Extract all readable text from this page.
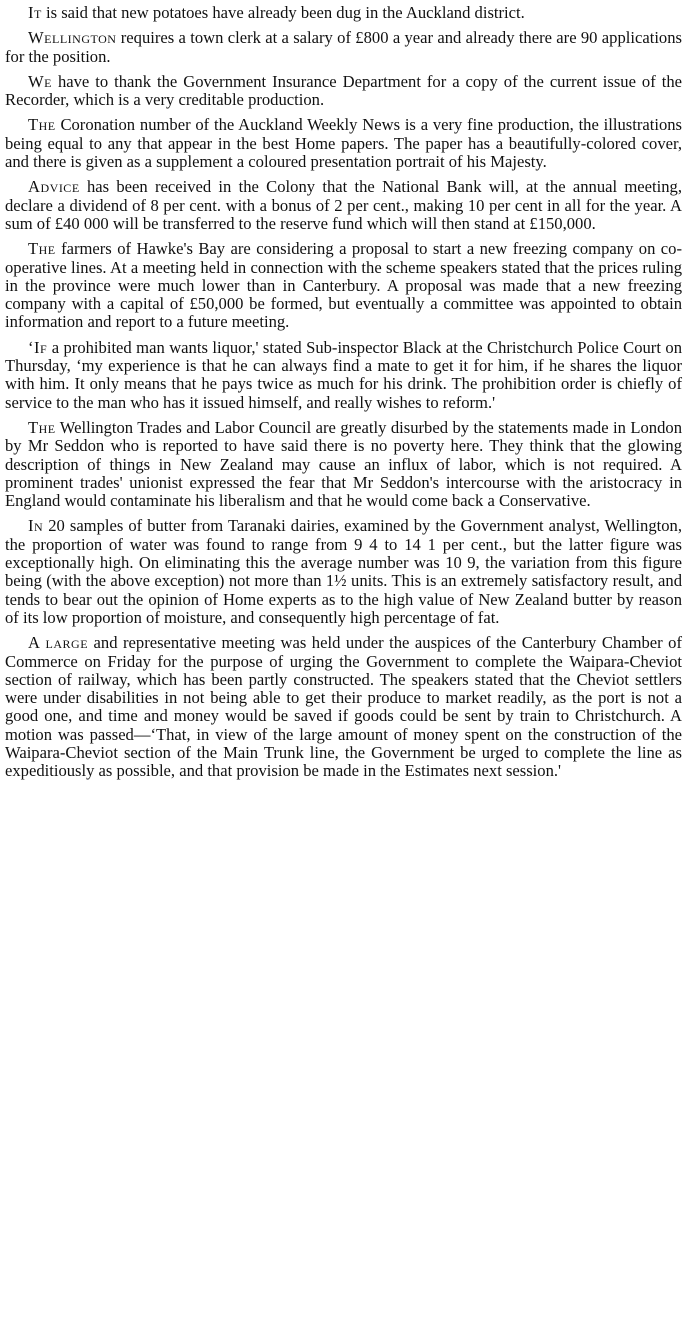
It is said that new potatoes have already been dug in the Auckland district.

Wellington requires a town clerk at a salary of £800 a year and already there are 90 applications for the position.

We have to thank the Government Insurance Department for a copy of the current issue of the Recorder, which is a very creditable production.

The Coronation number of the Auckland Weekly News is a very fine production, the illustrations being equal to any that appear in the best Home papers. The paper has a beautifully-colored cover, and there is given as a supplement a coloured presentation portrait of his Majesty.

Advice has been received in the Colony that the National Bank will, at the annual meeting, declare a dividend of 8 per cent. with a bonus of 2 per cent., making 10 per cent in all for the year. A sum of £40 000 will be transferred to the reserve fund which will then stand at £150,000.

The farmers of Hawke's Bay are considering a proposal to start a new freezing company on co-operative lines. At a meeting held in connection with the scheme speakers stated that the prices ruling in the province were much lower than in Canterbury. A proposal was made that a new freezing company with a capital of £50,000 be formed, but eventually a committee was appointed to obtain information and report to a future meeting.

‘If a prohibited man wants liquor,' stated Sub-inspector Black at the Christchurch Police Court on Thursday, ‘my experience is that he can always find a mate to get it for him, if he shares the liquor with him. It only means that he pays twice as much for his drink. The prohibition order is chiefly of service to the man who has it issued himself, and really wishes to reform.'

The Wellington Trades and Labor Council are greatly disurbed by the statements made in London by Mr Seddon who is reported to have said there is no poverty here. They think that the glowing description of things in New Zealand may cause an influx of labor, which is not required. A prominent trades' unionist expressed the fear that Mr Seddon's intercourse with the aristocracy in England would contaminate his liberalism and that he would come back a Conservative.

In 20 samples of butter from Taranaki dairies, examined by the Government analyst, Wellington, the proportion of water was found to range from 9 4 to 14 1 per cent., but the latter figure was exceptionally high. On eliminating this the average number was 10 9, the variation from this figure being (with the above exception) not more than 1½ units. This is an extremely satisfactory result, and tends to bear out the opinion of Home experts as to the high value of New Zealand butter by reason of its low proportion of moisture, and consequently high percentage of fat.

A large and representative meeting was held under the auspices of the Canterbury Chamber of Commerce on Friday for the purpose of urging the Government to complete the Waipara-Cheviot section of railway, which has been partly constructed. The speakers stated that the Cheviot settlers were under disabilities in not being able to get their produce to market readily, as the port is not a good one, and time and money would be saved if goods could be sent by train to Christchurch. A motion was passed—‘That, in view of the large amount of money spent on the construction of the Waipara-Cheviot section of the Main Trunk line, the Government be urged to complete the line as expeditiously as possible, and that provision be made in the Estimates next session.'
